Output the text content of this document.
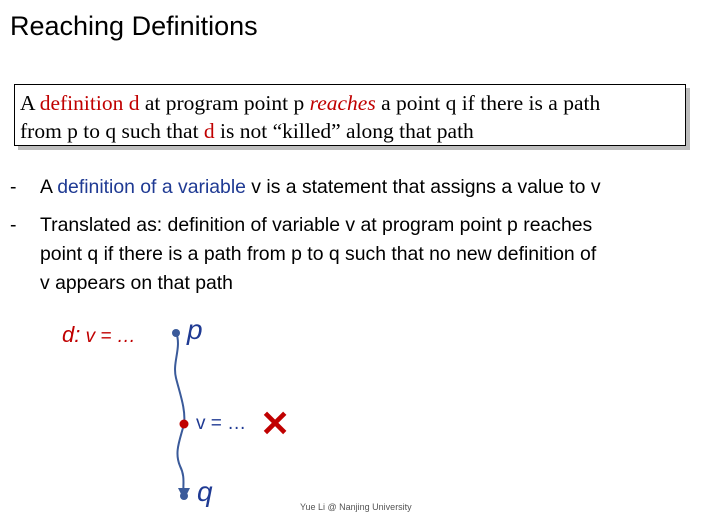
Reaching Definitions
A definition d at program point p reaches a point q if there is a path
from p to q such that d is not “killed” along that path
- A definition of a variable v is a statement that assigns a value to v
- Translated as: definition of variable v at program point p reaches
point q if there is a path from p to q such that no new definition of
v appears on that path
d: v = … p
v = … ✕
q	Yue Li @ Nanjing University
